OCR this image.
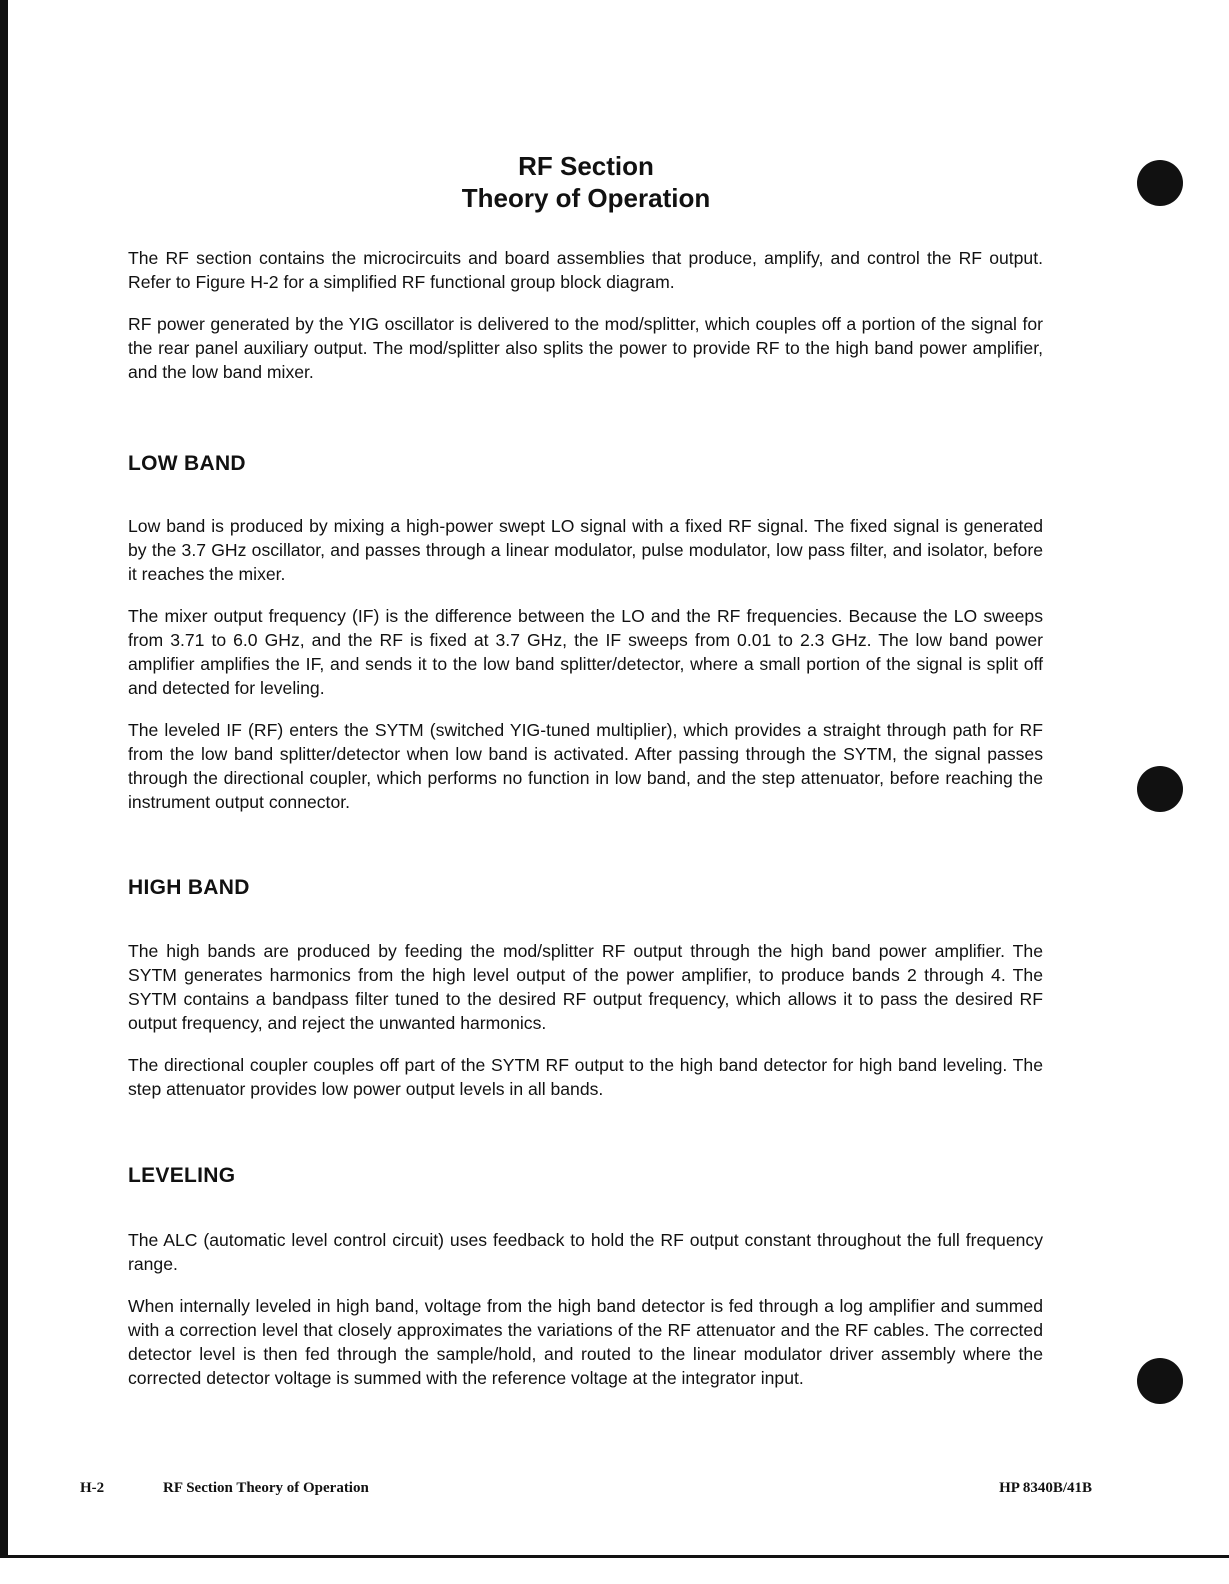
RF Section
Theory of Operation

The RF section contains the microcircuits and board assemblies that produce, amplify, and control the RF output. Refer to Figure H-2 for a simplified RF functional group block diagram.

RF power generated by the YIG oscillator is delivered to the mod/splitter, which couples off a portion of the signal for the rear panel auxiliary output. The mod/splitter also splits the power to provide RF to the high band power amplifier, and the low band mixer.

LOW BAND

Low band is produced by mixing a high-power swept LO signal with a fixed RF signal. The fixed signal is generated by the 3.7 GHz oscillator, and passes through a linear modulator, pulse modulator, low pass filter, and isolator, before it reaches the mixer.

The mixer output frequency (IF) is the difference between the LO and the RF frequencies. Because the LO sweeps from 3.71 to 6.0 GHz, and the RF is fixed at 3.7 GHz, the IF sweeps from 0.01 to 2.3 GHz. The low band power amplifier amplifies the IF, and sends it to the low band splitter/detector, where a small portion of the signal is split off and detected for leveling.

The leveled IF (RF) enters the SYTM (switched YIG-tuned multiplier), which provides a straight through path for RF from the low band splitter/detector when low band is activated. After passing through the SYTM, the signal passes through the directional coupler, which performs no function in low band, and the step attenuator, before reaching the instrument output connector.

HIGH BAND

The high bands are produced by feeding the mod/splitter RF output through the high band power amplifier. The SYTM generates harmonics from the high level output of the power amplifier, to produce bands 2 through 4. The SYTM contains a bandpass filter tuned to the desired RF output frequency, which allows it to pass the desired RF output frequency, and reject the unwanted harmonics.

The directional coupler couples off part of the SYTM RF output to the high band detector for high band leveling. The step attenuator provides low power output levels in all bands.

LEVELING

The ALC (automatic level control circuit) uses feedback to hold the RF output constant throughout the full frequency range.

When internally leveled in high band, voltage from the high band detector is fed through a log amplifier and summed with a correction level that closely approximates the variations of the RF attenuator and the RF cables. The corrected detector level is then fed through the sample/hold, and routed to the linear modulator driver assembly where the corrected detector voltage is summed with the reference voltage at the integrator input.

H-2	RF Section Theory of Operation	HP 8340B/41B
